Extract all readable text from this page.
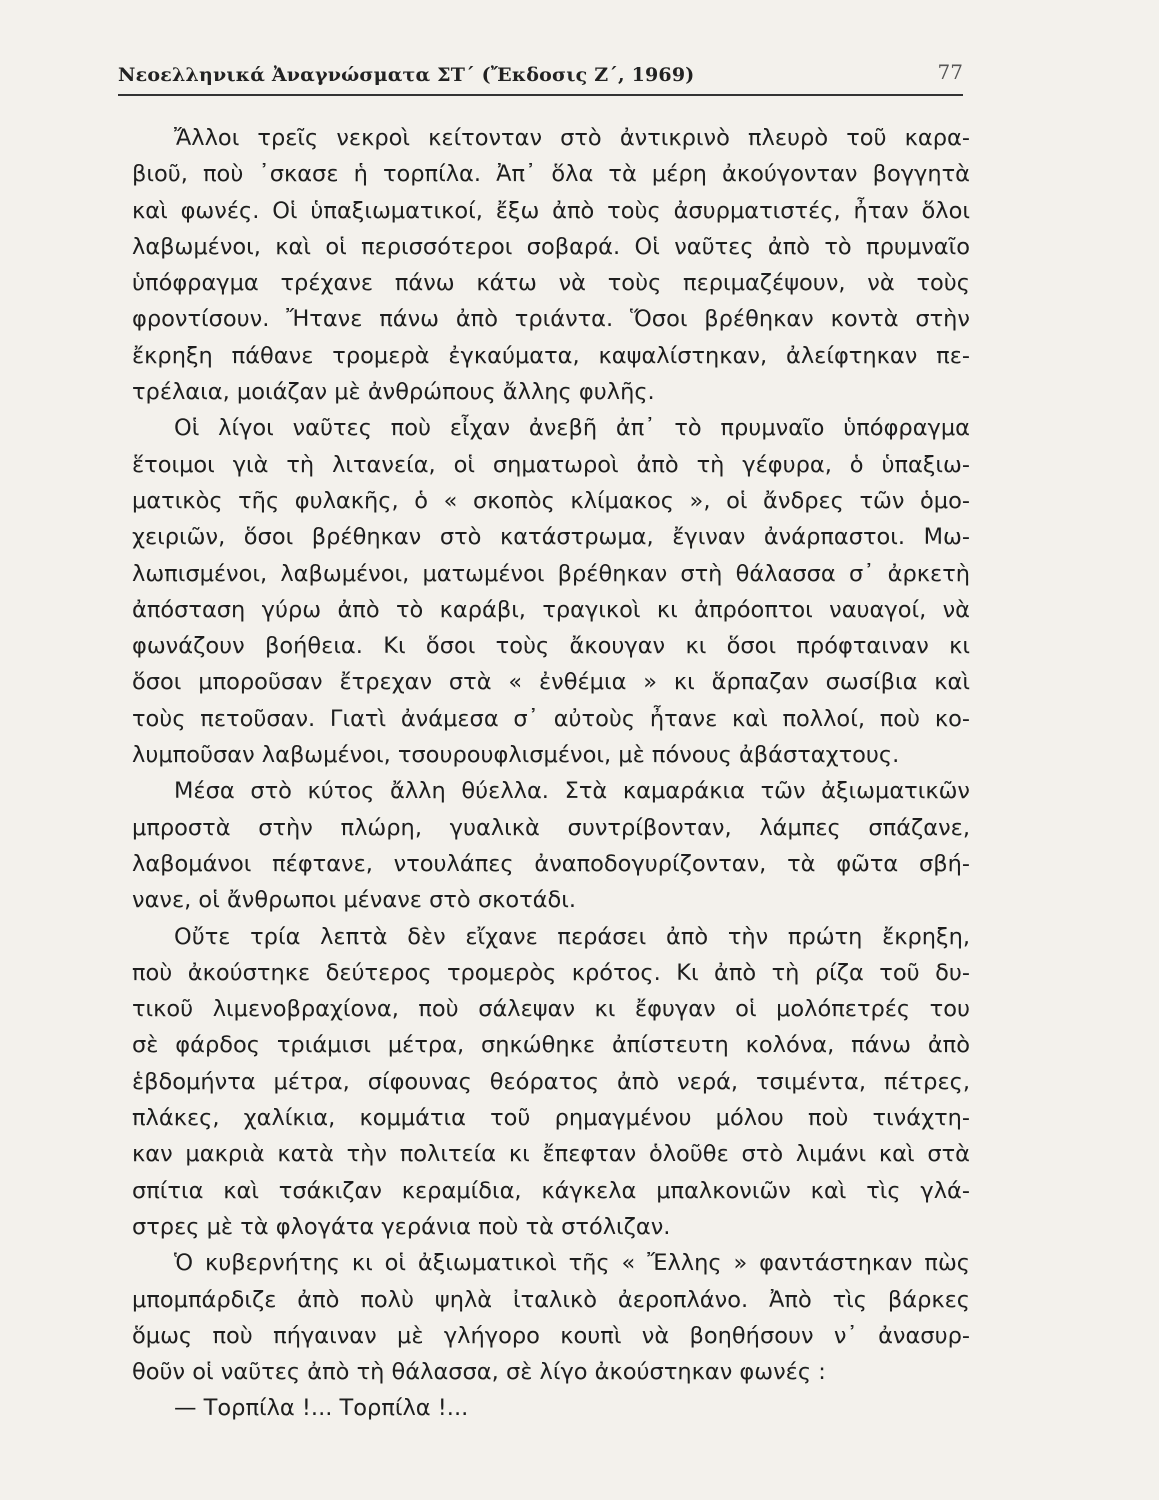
Νεοελληνικά Ἀναγνώσματα ΣΤ΄ (Ἔκδοσις Ζ΄, 1969)	77
Ἄλλοι τρεῖς νεκροὶ κείτονταν στὸ ἀντικρινὸ πλευρὸ τοῦ καρα-
βιοῦ, ποὺ ᾽σκασε ἡ τορπίλα. Ἀπ᾽ ὅλα τὰ μέρη ἀκούγονταν βογγητὰ
καὶ φωνές. Οἱ ὑπαξιωματικοί, ἔξω ἀπὸ τοὺς ἀσυρματιστές, ἦταν ὅλοι
λαβωμένοι, καὶ οἱ περισσότεροι σοβαρά. Οἱ ναῦτες ἀπὸ τὸ πρυμναῖο
ὑπόφραγμα τρέχανε πάνω κάτω νὰ τοὺς περιμαζέψουν, νὰ τοὺς
φροντίσουν. Ἤτανε πάνω ἀπὸ τριάντα. Ὅσοι βρέθηκαν κοντὰ στὴν
ἔκρηξη πάθανε τρομερὰ ἐγκαύματα, καψαλίστηκαν, ἀλείφτηκαν πε-
τρέλαια, μοιάζαν μὲ ἀνθρώπους ἄλλης φυλῆς.
Οἱ λίγοι ναῦτες ποὺ εἶχαν ἀνεβῆ ἀπ᾽ τὸ πρυμναῖο ὑπόφραγμα
ἕτοιμοι γιὰ τὴ λιτανεία, οἱ σηματωροὶ ἀπὸ τὴ γέφυρα, ὁ ὑπαξιω-
ματικὸς τῆς φυλακῆς, ὁ « σκοπὸς κλίμακος », οἱ ἄνδρες τῶν ὁμο-
χειριῶν, ὅσοι βρέθηκαν στὸ κατάστρωμα, ἔγιναν ἀνάρπαστοι. Μω-
λωπισμένοι, λαβωμένοι, ματωμένοι βρέθηκαν στὴ θάλασσα σ᾽ ἀρκετὴ
ἀπόσταση γύρω ἀπὸ τὸ καράβι, τραγικοὶ κι ἀπρόοπτοι ναυαγοί, νὰ
φωνάζουν βοήθεια. Κι ὅσοι τοὺς ἄκουγαν κι ὅσοι πρόφταιναν κι
ὅσοι μποροῦσαν ἔτρεχαν στὰ « ἐνθέμια » κι ἅρπαζαν σωσίβια καὶ
τοὺς πετοῦσαν. Γιατὶ ἀνάμεσα σ᾽ αὐτοὺς ἦτανε καὶ πολλοί, ποὺ κο-
λυμποῦσαν λαβωμένοι, τσουρουφλισμένοι, μὲ πόνους ἀβάσταχτους.
Μέσα στὸ κύτος ἄλλη θύελλα. Στὰ καμαράκια τῶν ἀξιωματικῶν
μπροστὰ στὴν πλώρη, γυαλικὰ συντρίβονταν, λάμπες σπάζανε,
λαβομάνοι πέφτανε, ντουλάπες ἀναποδογυρίζονταν, τὰ φῶτα σβή-
νανε, οἱ ἄνθρωποι μένανε στὸ σκοτάδι.
Οὔτε τρία λεπτὰ δὲν εἴχανε περάσει ἀπὸ τὴν πρώτη ἔκρηξη,
ποὺ ἀκούστηκε δεύτερος τρομερὸς κρότος. Κι ἀπὸ τὴ ρίζα τοῦ δυ-
τικοῦ λιμενοβραχίονα, ποὺ σάλεψαν κι ἔφυγαν οἱ μολόπετρές του
σὲ φάρδος τριάμισι μέτρα, σηκώθηκε ἀπίστευτη κολόνα, πάνω ἀπὸ
ἑβδομήντα μέτρα, σίφουνας θεόρατος ἀπὸ νερά, τσιμέντα, πέτρες,
πλάκες, χαλίκια, κομμάτια τοῦ ρημαγμένου μόλου ποὺ τινάχτη-
καν μακριὰ κατὰ τὴν πολιτεία κι ἔπεφταν ὁλοῦθε στὸ λιμάνι καὶ στὰ
σπίτια καὶ τσάκιζαν κεραμίδια, κάγκελα μπαλκονιῶν καὶ τὶς γλά-
στρες μὲ τὰ φλογάτα γεράνια ποὺ τὰ στόλιζαν.
Ὁ κυβερνήτης κι οἱ ἀξιωματικοὶ τῆς « Ἔλλης » φαντάστηκαν πὼς
μπομπάρδιζε ἀπὸ πολὺ ψηλὰ ἰταλικὸ ἀεροπλάνο. Ἀπὸ τὶς βάρκες
ὅμως ποὺ πήγαιναν μὲ γλήγορο κουπὶ νὰ βοηθήσουν ν᾽ ἀνασυρ-
θοῦν οἱ ναῦτες ἀπὸ τὴ θάλασσα, σὲ λίγο ἀκούστηκαν φωνές :
— Τορπίλα !... Τορπίλα !...
